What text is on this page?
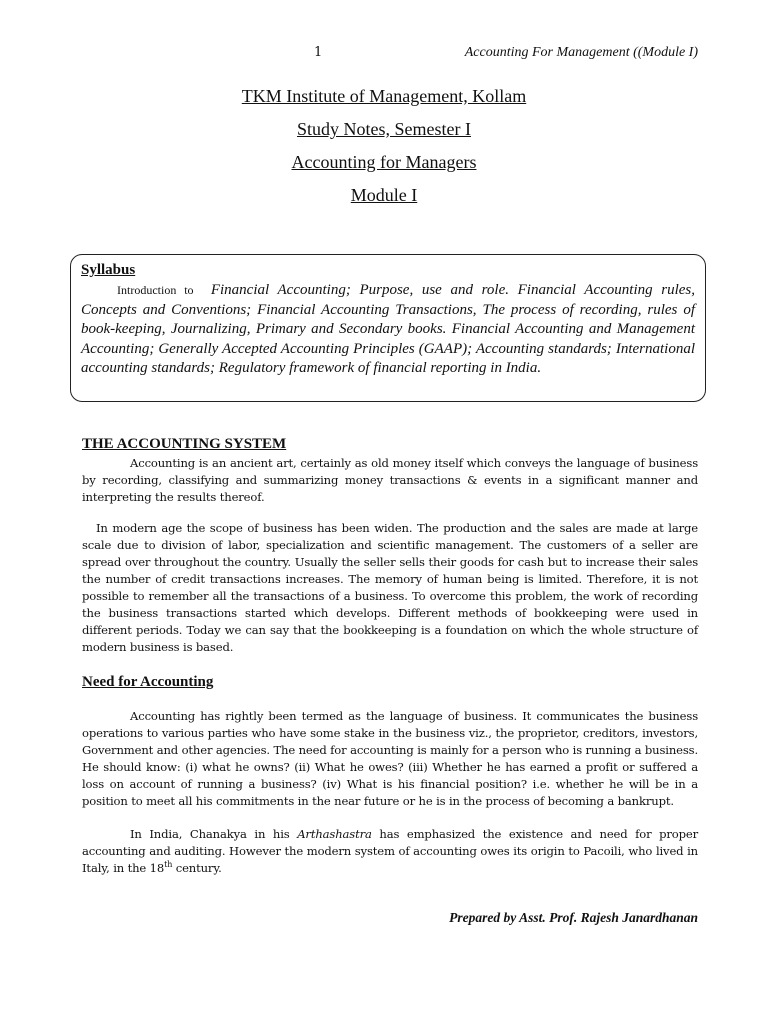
1	Accounting For Management ((Module I)
TKM Institute of Management, Kollam
Study Notes, Semester I
Accounting for Managers
Module I
Syllabus

Introduction to Financial Accounting; Purpose, use and role. Financial Accounting rules, Concepts and Conventions; Financial Accounting Transactions, The process of recording, rules of book-keeping, Journalizing, Primary and Secondary books. Financial Accounting and Management Accounting; Generally Accepted Accounting Principles (GAAP); Accounting standards; International accounting standards; Regulatory framework of financial reporting in India.

THE ACCOUNTING SYSTEM

Accounting is an ancient art, certainly as old money itself which conveys the language of business by recording, classifying and summarizing money transactions & events in a significant manner and interpreting the results thereof.

In modern age the scope of business has been widen. The production and the sales are made at large scale due to division of labor, specialization and scientific management. The customers of a seller are spread over throughout the country. Usually the seller sells their goods for cash but to increase their sales the number of credit transactions increases. The memory of human being is limited. Therefore, it is not possible to remember all the transactions of a business. To overcome this problem, the work of recording the business transactions started which develops. Different methods of bookkeeping were used in different periods. Today we can say that the bookkeeping is a foundation on which the whole structure of modern business is based.

Need for Accounting

Accounting has rightly been termed as the language of business. It communicates the business operations to various parties who have some stake in the business viz., the proprietor, creditors, investors, Government and other agencies. The need for accounting is mainly for a person who is running a business. He should know: (i) what he owns? (ii) What he owes? (iii) Whether he has earned a profit or suffered a loss on account of running a business? (iv) What is his financial position? i.e. whether he will be in a position to meet all his commitments in the near future or he is in the process of becoming a bankrupt.

In India, Chanakya in his Arthashastra has emphasized the existence and need for proper accounting and auditing. However the modern system of accounting owes its origin to Pacoili, who lived in Italy, in the 18th century.

Prepared by Asst. Prof. Rajesh Janardhanan
